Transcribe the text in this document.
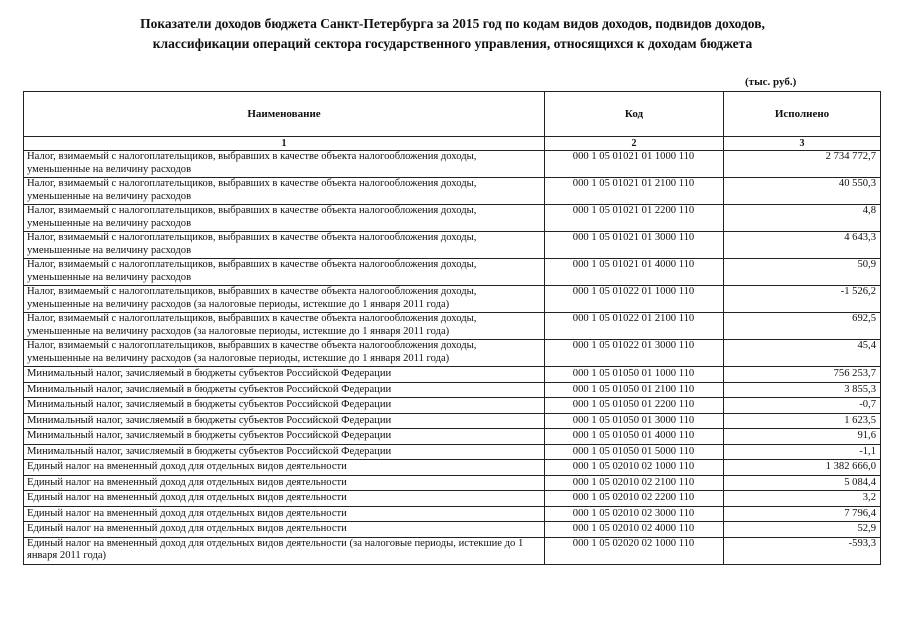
Показатели доходов бюджета Санкт-Петербурга за 2015 год по кодам видов доходов, подвидов доходов,
классификации операций сектора государственного управления, относящихся к доходам бюджета
(тыс. руб.)
Наименование	Код	Исполнено
1	2	3
Налог, взимаемый с налогоплательщиков, выбравших в качестве объекта налогообложения доходы, уменьшенные на величину расходов	000 1 05 01021 01 1000 110	2 734 772,7
Налог, взимаемый с налогоплательщиков, выбравших в качестве объекта налогообложения доходы, уменьшенные на величину расходов	000 1 05 01021 01 2100 110	40 550,3
Налог, взимаемый с налогоплательщиков, выбравших в качестве объекта налогообложения доходы, уменьшенные на величину расходов	000 1 05 01021 01 2200 110	4,8
Налог, взимаемый с налогоплательщиков, выбравших в качестве объекта налогообложения доходы, уменьшенные на величину расходов	000 1 05 01021 01 3000 110	4 643,3
Налог, взимаемый с налогоплательщиков, выбравших в качестве объекта налогообложения доходы, уменьшенные на величину расходов	000 1 05 01021 01 4000 110	50,9
Налог, взимаемый с налогоплательщиков, выбравших в качестве объекта налогообложения доходы, уменьшенные на величину расходов (за налоговые периоды, истекшие до 1 января 2011 года)	000 1 05 01022 01 1000 110	-1 526,2
Налог, взимаемый с налогоплательщиков, выбравших в качестве объекта налогообложения доходы, уменьшенные на величину расходов (за налоговые периоды, истекшие до 1 января 2011 года)	000 1 05 01022 01 2100 110	692,5
Налог, взимаемый с налогоплательщиков, выбравших в качестве объекта налогообложения доходы, уменьшенные на величину расходов (за налоговые периоды, истекшие до 1 января 2011 года)	000 1 05 01022 01 3000 110	45,4
Минимальный налог, зачисляемый в бюджеты субъектов Российской Федерации	000 1 05 01050 01 1000 110	756 253,7
Минимальный налог, зачисляемый в бюджеты субъектов Российской Федерации	000 1 05 01050 01 2100 110	3 855,3
Минимальный налог, зачисляемый в бюджеты субъектов Российской Федерации	000 1 05 01050 01 2200 110	-0,7
Минимальный налог, зачисляемый в бюджеты субъектов Российской Федерации	000 1 05 01050 01 3000 110	1 623,5
Минимальный налог, зачисляемый в бюджеты субъектов Российской Федерации	000 1 05 01050 01 4000 110	91,6
Минимальный налог, зачисляемый в бюджеты субъектов Российской Федерации	000 1 05 01050 01 5000 110	-1,1
Единый налог на вмененный доход для отдельных видов деятельности	000 1 05 02010 02 1000 110	1 382 666,0
Единый налог на вмененный доход для отдельных видов деятельности	000 1 05 02010 02 2100 110	5 084,4
Единый налог на вмененный доход для отдельных видов деятельности	000 1 05 02010 02 2200 110	3,2
Единый налог на вмененный доход для отдельных видов деятельности	000 1 05 02010 02 3000 110	7 796,4
Единый налог на вмененный доход для отдельных видов деятельности	000 1 05 02010 02 4000 110	52,9
Единый налог на вмененный доход для отдельных видов деятельности (за налоговые периоды, истекшие до 1 января 2011 года)	000 1 05 02020 02 1000 110	-593,3
